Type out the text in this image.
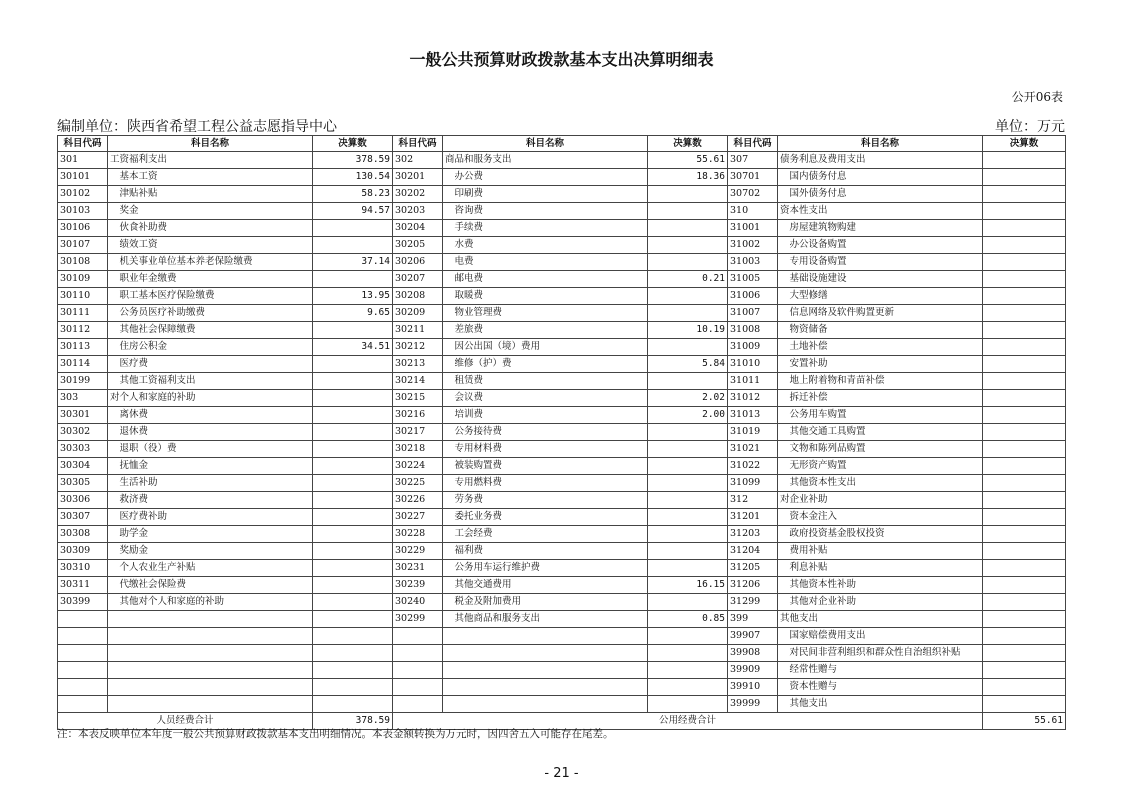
一般公共预算财政拨款基本支出决算明细表
公开06表
编制单位：陕西省希望工程公益志愿指导中心	单位：万元
科目代码	科目名称	决算数	科目代码	科目名称	决算数	科目代码	科目名称	决算数
301	工资福利支出	378.59	302	商品和服务支出	55.61	307	债务利息及费用支出	
30101	　基本工资	130.54	30201	　办公费	18.36	30701	　国内债务付息	
30102	　津贴补贴	58.23	30202	　印刷费		30702	　国外债务付息	
30103	　奖金	94.57	30203	　咨询费		310	资本性支出	
30106	　伙食补助费		30204	　手续费		31001	　房屋建筑物购建	
30107	　绩效工资		30205	　水费		31002	　办公设备购置	
30108	　机关事业单位基本养老保险缴费	37.14	30206	　电费		31003	　专用设备购置	
30109	　职业年金缴费		30207	　邮电费	0.21	31005	　基础设施建设	
30110	　职工基本医疗保险缴费	13.95	30208	　取暖费		31006	　大型修缮	
30111	　公务员医疗补助缴费	9.65	30209	　物业管理费		31007	　信息网络及软件购置更新	
30112	　其他社会保障缴费		30211	　差旅费	10.19	31008	　物资储备	
30113	　住房公积金	34.51	30212	　因公出国（境）费用		31009	　土地补偿	
30114	　医疗费		30213	　维修（护）费	5.84	31010	　安置补助	
30199	　其他工资福利支出		30214	　租赁费		31011	　地上附着物和青苗补偿	
303	对个人和家庭的补助		30215	　会议费	2.02	31012	　拆迁补偿	
30301	　离休费		30216	　培训费	2.00	31013	　公务用车购置	
30302	　退休费		30217	　公务接待费		31019	　其他交通工具购置	
30303	　退职（役）费		30218	　专用材料费		31021	　文物和陈列品购置	
30304	　抚恤金		30224	　被装购置费		31022	　无形资产购置	
30305	　生活补助		30225	　专用燃料费		31099	　其他资本性支出	
30306	　救济费		30226	　劳务费		312	对企业补助	
30307	　医疗费补助		30227	　委托业务费		31201	　资本金注入	
30308	　助学金		30228	　工会经费		31203	　政府投资基金股权投资	
30309	　奖励金		30229	　福利费		31204	　费用补贴	
30310	　个人农业生产补贴		30231	　公务用车运行维护费		31205	　利息补贴	
30311	　代缴社会保险费		30239	　其他交通费用	16.15	31206	　其他资本性补助	
30399	　其他对个人和家庭的补助		30240	　税金及附加费用		31299	　其他对企业补助	
			30299	　其他商品和服务支出	0.85	399	其他支出	
						39907	　国家赔偿费用支出	
						39908	　对民间非营利组织和群众性自治组织补贴	
						39909	　经常性赠与	
						39910	　资本性赠与	
						39999	　其他支出	
人员经费合计		378.59	公用经费合计					55.61
注：本表反映单位本年度一般公共预算财政拨款基本支出明细情况。本表金额转换为万元时，因四舍五入可能存在尾差。
- 21 -
